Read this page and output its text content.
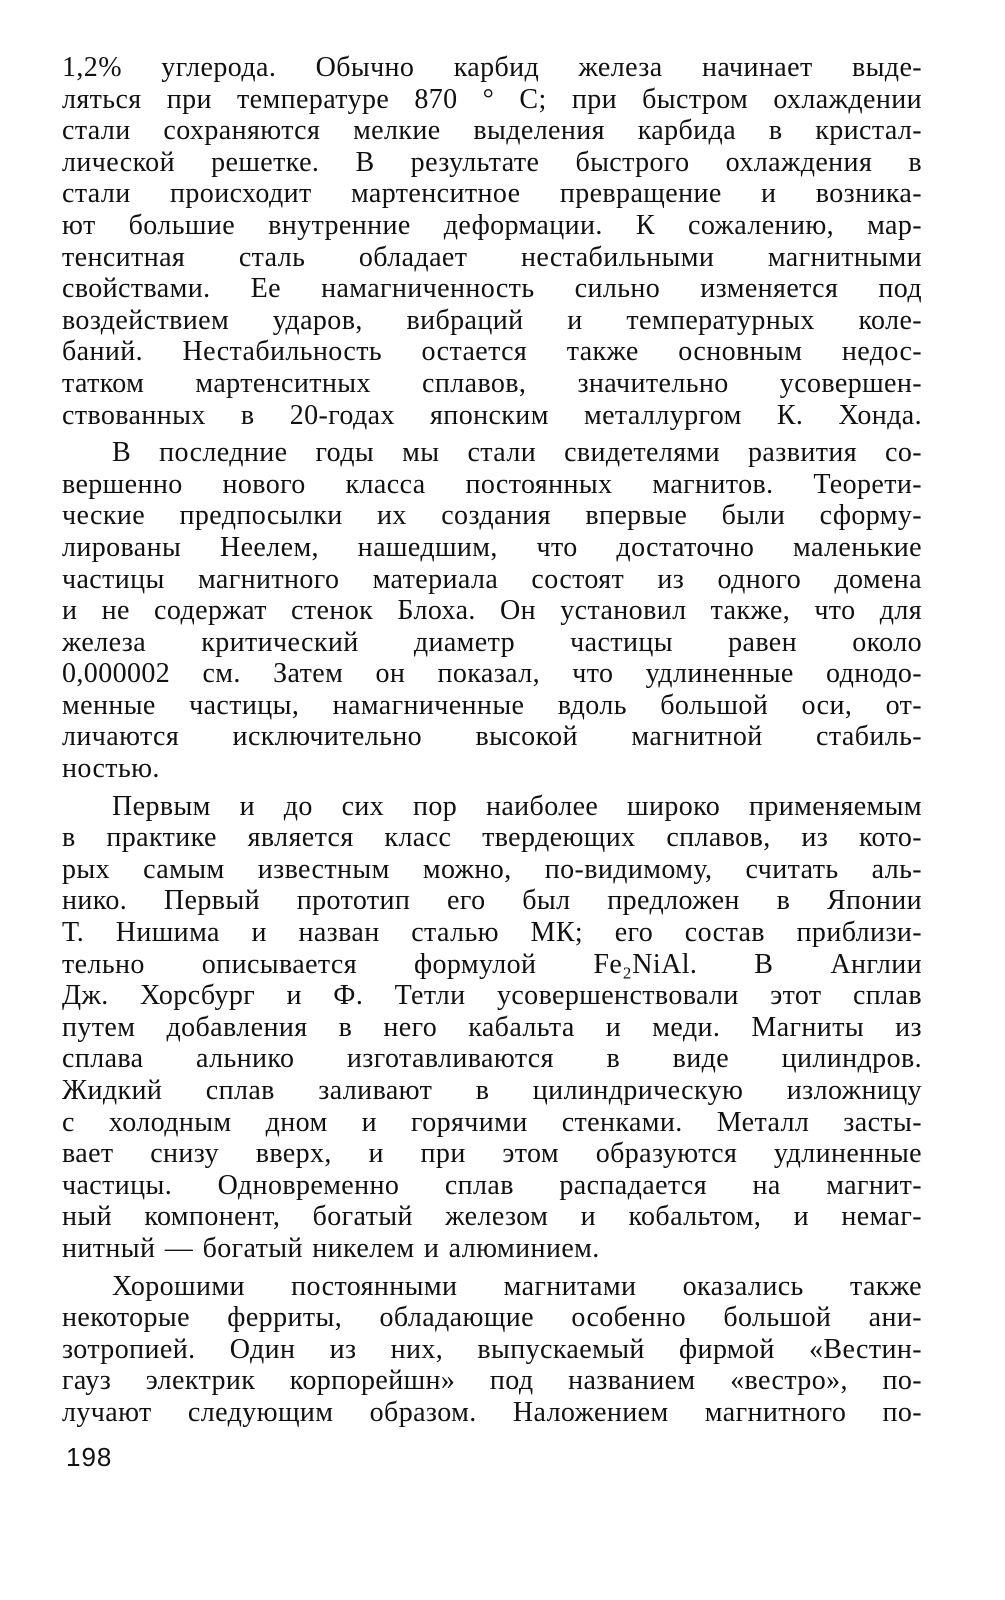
1,2% углерода. Обычно карбид железа начинает выде-
ляться при температуре 870 ° С; при быстром охлаждении
стали сохраняются мелкие выделения карбида в кристал-
лической решетке. В результате быстрого охлаждения в
стали происходит мартенситное превращение и возника-
ют большие внутренние деформации. К сожалению, мар-
тенситная сталь обладает нестабильными магнитными
свойствами. Ее намагниченность сильно изменяется под
воздействием ударов, вибраций и температурных коле-
баний. Нестабильность остается также основным недос-
татком мартенситных сплавов, значительно усовершен-
ствованных в 20-годах японским металлургом К. Хонда.
В последние годы мы стали свидетелями развития со-
вершенно нового класса постоянных магнитов. Теорети-
ческие предпосылки их создания впервые были сформу-
лированы Неелем, нашедшим, что достаточно маленькие
частицы магнитного материала состоят из одного домена
и не содержат стенок Блоха. Он установил также, что для
железа критический диаметр частицы равен около
0,000002 см. Затем он показал, что удлиненные однодо-
менные частицы, намагниченные вдоль большой оси, от-
личаются исключительно высокой магнитной стабиль-
ностью.
Первым и до сих пор наиболее широко применяемым
в практике является класс твердеющих сплавов, из кото-
рых самым известным можно, по-видимому, считать аль-
нико. Первый прототип его был предложен в Японии
Т. Нишима и назван сталью МК; его состав приблизи-
тельно описывается формулой Fe₂NiAl. В Англии
Дж. Хорсбург и Ф. Тетли усовершенствовали этот сплав
путем добавления в него кабальта и меди. Магниты из
сплава альнико изготавливаются в виде цилиндров.
Жидкий сплав заливают в цилиндрическую изложницу
с холодным дном и горячими стенками. Металл засты-
вает снизу вверх, и при этом образуются удлиненные
частицы. Одновременно сплав распадается на магнит-
ный компонент, богатый железом и кобальтом, и немаг-
нитный — богатый никелем и алюминием.
Хорошими постоянными магнитами оказались также
некоторые ферриты, обладающие особенно большой ани-
зотропией. Один из них, выпускаемый фирмой «Вестин-
гауз электрик корпорейшн» под названием «вестро», по-
лучают следующим образом. Наложением магнитного по-
198
